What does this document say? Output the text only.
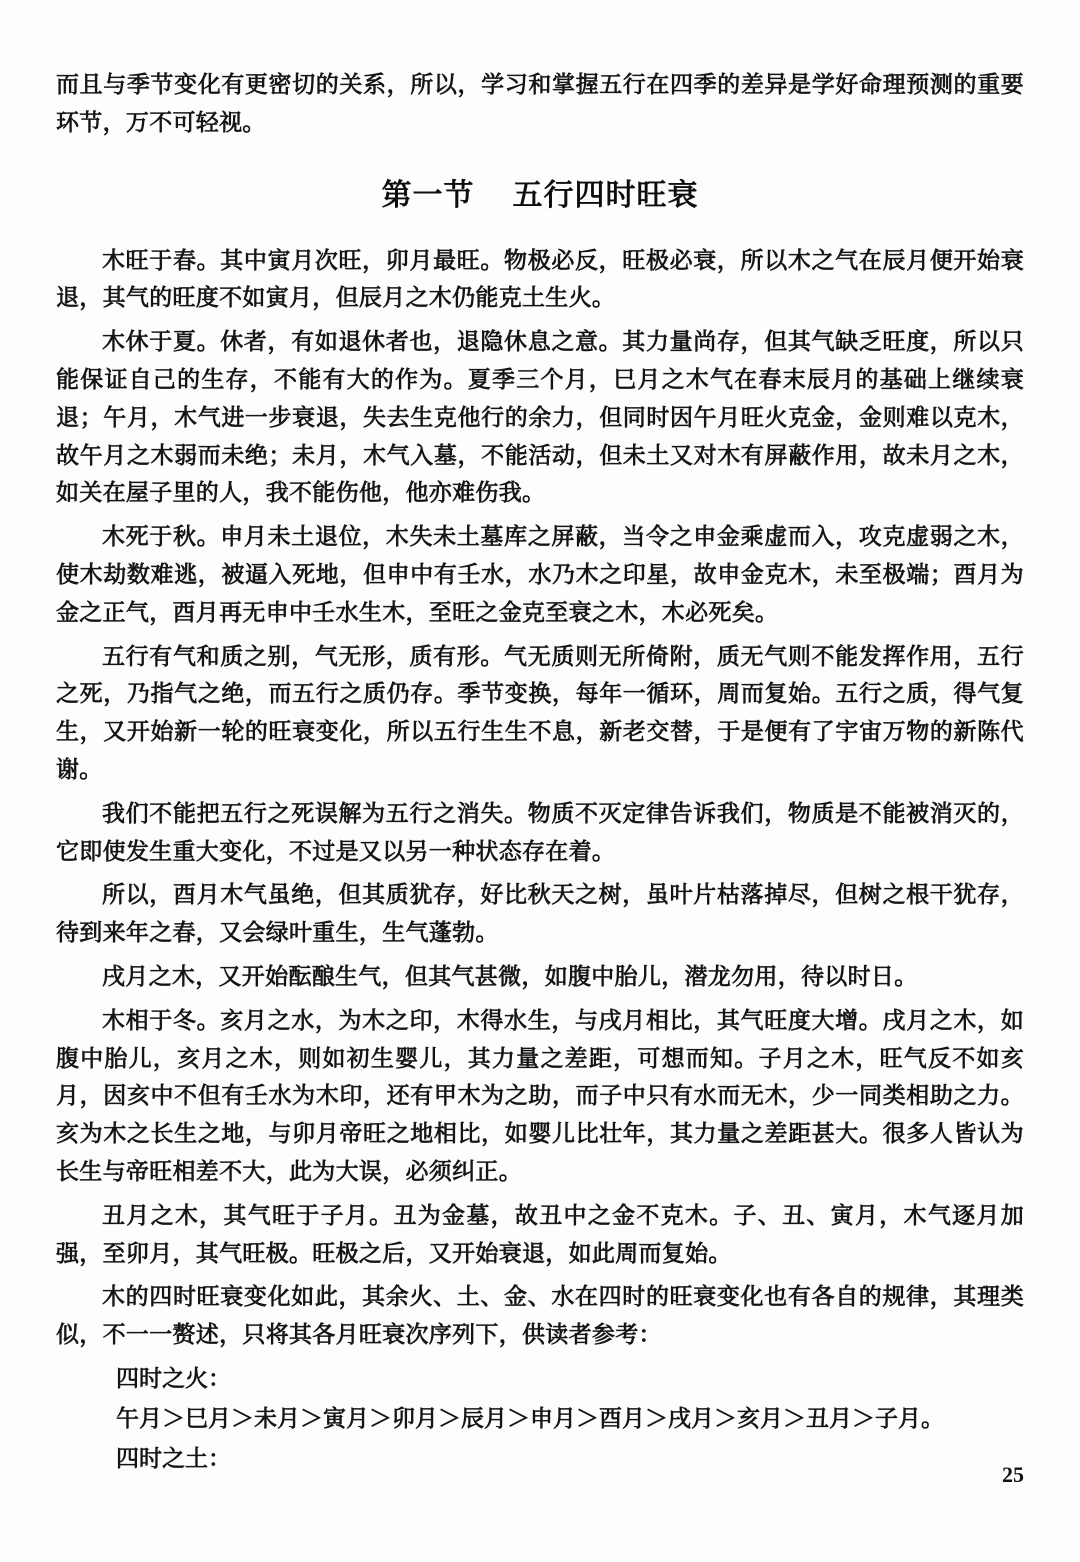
而且与季节变化有更密切的关系，所以，学习和掌握五行在四季的差异是学好命理预测的重要环节，万不可轻视。

第一节 五行四时旺衰

木旺于春。其中寅月次旺，卯月最旺。物极必反，旺极必衰，所以木之气在辰月便开始衰退，其气的旺度不如寅月，但辰月之木仍能克土生火。

木休于夏。休者，有如退休者也，退隐休息之意。其力量尚存，但其气缺乏旺度，所以只能保证自己的生存，不能有大的作为。夏季三个月，巳月之木气在春末辰月的基础上继续衰退；午月，木气进一步衰退，失去生克他行的余力，但同时因午月旺火克金，金则难以克木，故午月之木弱而未绝；未月，木气入墓，不能活动，但未土又对木有屏蔽作用，故未月之木，如关在屋子里的人，我不能伤他，他亦难伤我。

木死于秋。申月未土退位，木失未土墓库之屏蔽，当令之申金乘虚而入，攻克虚弱之木，使木劫数难逃，被逼入死地，但申中有壬水，水乃木之印星，故申金克木，未至极端；酉月为金之正气，酉月再无申中壬水生木，至旺之金克至衰之木，木必死矣。

五行有气和质之别，气无形，质有形。气无质则无所倚附，质无气则不能发挥作用，五行之死，乃指气之绝，而五行之质仍存。季节变换，每年一循环，周而复始。五行之质，得气复生，又开始新一轮的旺衰变化，所以五行生生不息，新老交替，于是便有了宇宙万物的新陈代谢。

我们不能把五行之死误解为五行之消失。物质不灭定律告诉我们，物质是不能被消灭的，它即使发生重大变化，不过是又以另一种状态存在着。

所以，酉月木气虽绝，但其质犹存，好比秋天之树，虽叶片枯落掉尽，但树之根干犹存，待到来年之春，又会绿叶重生，生气蓬勃。

戌月之木，又开始酝酿生气，但其气甚微，如腹中胎儿，潜龙勿用，待以时日。

木相于冬。亥月之水，为木之印，木得水生，与戌月相比，其气旺度大增。戌月之木，如腹中胎儿，亥月之木，则如初生婴儿，其力量之差距，可想而知。子月之木，旺气反不如亥月，因亥中不但有壬水为木印，还有甲木为之助，而子中只有水而无木，少一同类相助之力。亥为木之长生之地，与卯月帝旺之地相比，如婴儿比壮年，其力量之差距甚大。很多人皆认为长生与帝旺相差不大，此为大误，必须纠正。

丑月之木，其气旺于子月。丑为金墓，故丑中之金不克木。子、丑、寅月，木气逐月加强，至卯月，其气旺极。旺极之后，又开始衰退，如此周而复始。

木的四时旺衰变化如此，其余火、土、金、水在四时的旺衰变化也有各自的规律，其理类似，不一一赘述，只将其各月旺衰次序列下，供读者参考：

四时之火：

午月＞巳月＞未月＞寅月＞卯月＞辰月＞申月＞酉月＞戌月＞亥月＞丑月＞子月。

四时之土：

25
